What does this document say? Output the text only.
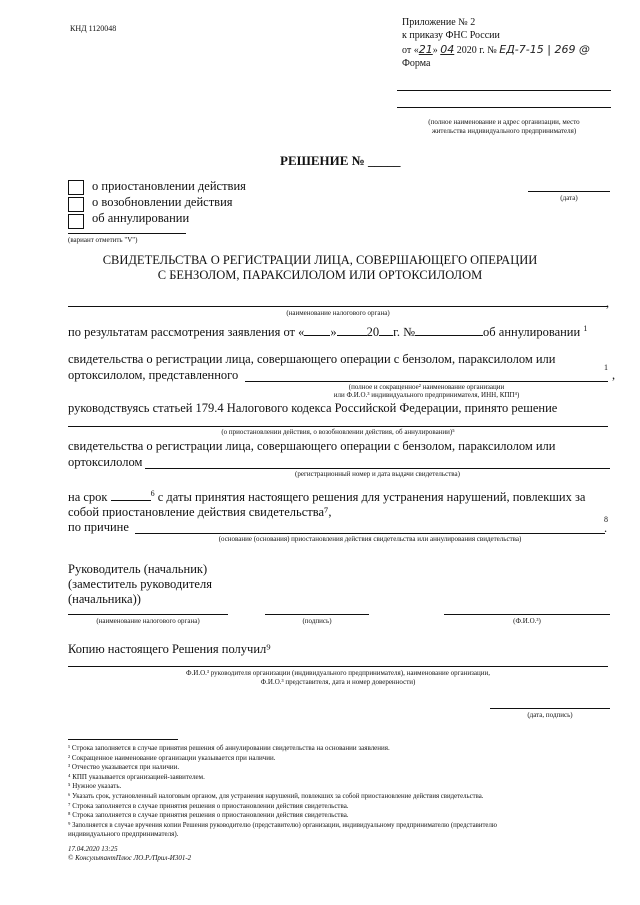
КНД 1120048
Приложение № 2
к приказу ФНС России
от «21» 04 2020 г. № ЕД-7-15 | 269 @
Форма
(полное наименование и адрес организации, место
жительства индивидуального предпринимателя)
РЕШЕНИЕ № _____
о приостановлении действия
о возобновлении действия
об аннулировании
(вариант отметить "V")
(дата)
СВИДЕТЕЛЬСТВА О РЕГИСТРАЦИИ ЛИЦА, СОВЕРШАЮЩЕГО ОПЕРАЦИИ
С БЕНЗОЛОМ, ПАРАКСИЛОЛОМ ИЛИ ОРТОКСИЛОЛОМ
,
(наименование налогового органа)
по результатам рассмотрения заявления от « » 20 г. №	об аннулировании $^1$
свидетельства о регистрации лица, совершающего операции с бензолом, параксилолом или
ортоксилолом, представленного
1
,
(полное и сокращенное² наименование организации
или Ф.И.О.³ индивидуального предпринимателя, ИНН, КПП⁴)
руководствуясь статьей 179.4 Налогового кодекса Российской Федерации, принято решение
(о приостановлении действия, о возобновлении действия, об аннулировании)⁵
свидетельства о регистрации лица, совершающего операции с бензолом, параксилолом или
ортоксилолом
(регистрационный номер и дата выдачи свидетельства)
на срок	$^6$ с даты принятия настоящего решения для устранения нарушений, повлекших за
собой приостановление действия свидетельства⁷,
по причине
8
.
(основание (основания) приостановления действия свидетельства или аннулирования свидетельства)
Руководитель (начальник)
(заместитель руководителя
(начальника))
(наименование налогового органа)	(подпись)	(Ф.И.О.³)
Копию настоящего Решения получил⁹
Ф.И.О.³ руководителя организации (индивидуального предпринимателя), наименование организации,
Ф.И.О.³ представителя, дата и номер доверенности)
(дата, подпись)
¹ Строка заполняется в случае принятия решения об аннулировании свидетельства на основании заявления.
² Сокращенное наименование организации указывается при наличии.
³ Отчество указывается при наличии.
⁴ КПП указывается организацией-заявителем.
⁵ Нужное указать.
⁶ Указать срок, установленный налоговым органом, для устранения нарушений, повлекших за собой приостановление действия свидетельства.
⁷ Строка заполняется в случае принятия решения о приостановлении действия свидетельства.
⁸ Строка заполняется в случае принятия решения о приостановлении действия свидетельства.
⁹ Заполняется в случае вручения копии Решения руководителю (представителю) организации, индивидуальному предпринимателю (представителю
индивидуального предпринимателя).
17.04.2020 13:25
© КонсультантПлюс ЛО.Р./Прил-И301-2
